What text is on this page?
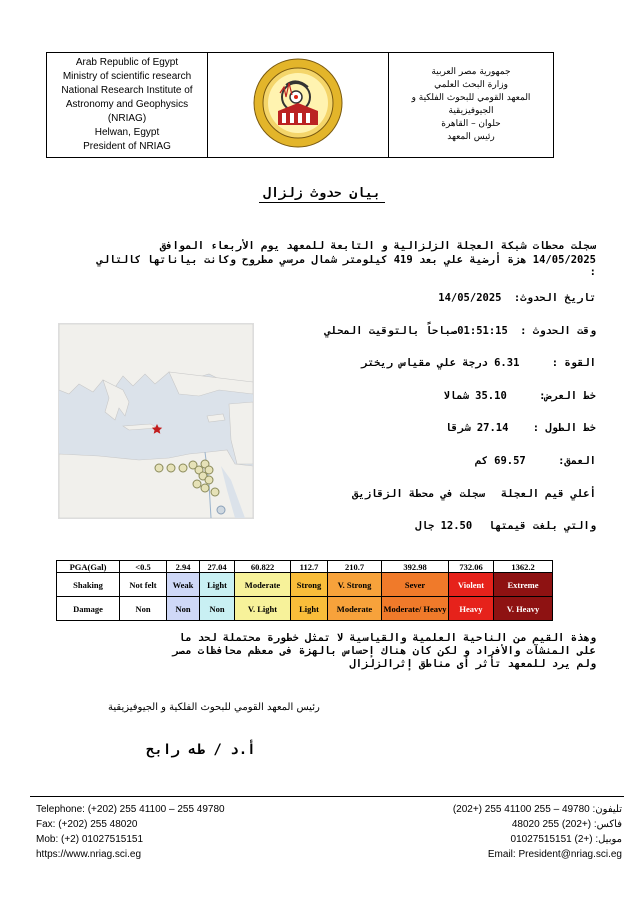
Arab Republic of Egypt
Ministry of scientific research
National Research Institute of
Astronomy and Geophysics
(NRIAG)
Helwan, Egypt
President of NRIAG
جمهورية مصر العربية
وزارة البحث العلمي
المعهد القومي للبحوث الفلكية و
الجيوفيزيقية
حلوان – القاهرة
رئيس المعهد
بيان حدوث زلزال
سجلت محطات شبكة العجلة الزلزالية و التابعة للمعهد يوم الأربعاء الموافق
14/05/2025 هزة أرضية علي بعد 419 كيلومتر شمال مرسي مطروح وكانت بياناتها كالتالي
:
تاريخ الحدوث: 14/05/2025
وقت الحدوث : 01:51:15صباحاً بالتوقيت المحلي
القوة : 6.31 درجة علي مقياس ريختر
خط العرض: 35.10 شمالا
خط الطول : 27.14 شرقا
العمق: 69.57 كم
أعلي قيم العجلة سجلت في محطة الزقازيق
والتي بلغت قيمتها 12.50 جال
PGA(Gal)	<0.5	2.94	27.04	60.822	112.7	210.7	392.98	732.06	1362.2
Shaking	Not felt	Weak	Light	Moderate	Strong	V. Strong	Sever	Violent	Extreme
Damage	Non	Non	Non	V. Light	Light	Moderate	Moderate/ Heavy	Heavy	V. Heavy
وهذة القيم من الناحية العلمية والقياسية لا تمثل خطورة محتملة لحد ما
على المنشآت والأفراد و لكن كان هناك إحساس بالهزة فى معظم محافظات مصر
ولم يرد للمعهد تأثر أى مناطق إثرالزلزال
رئيس المعهد القومي للبحوث الفلكية و الجيوفيزيقية
أ.د / طه رابح
Telephone: (+202) 255 41100 – 255 49780
Fax: (+202) 255 48020
Mob: (+2) 01027515151
https://www.nriag.sci.eg
تليفون: 49780 – 255 41100 255 (+202)
فاكس: (+202) 255 48020
موبيل: (+2) 01027515151
Email: President@nriag.sci.eg
